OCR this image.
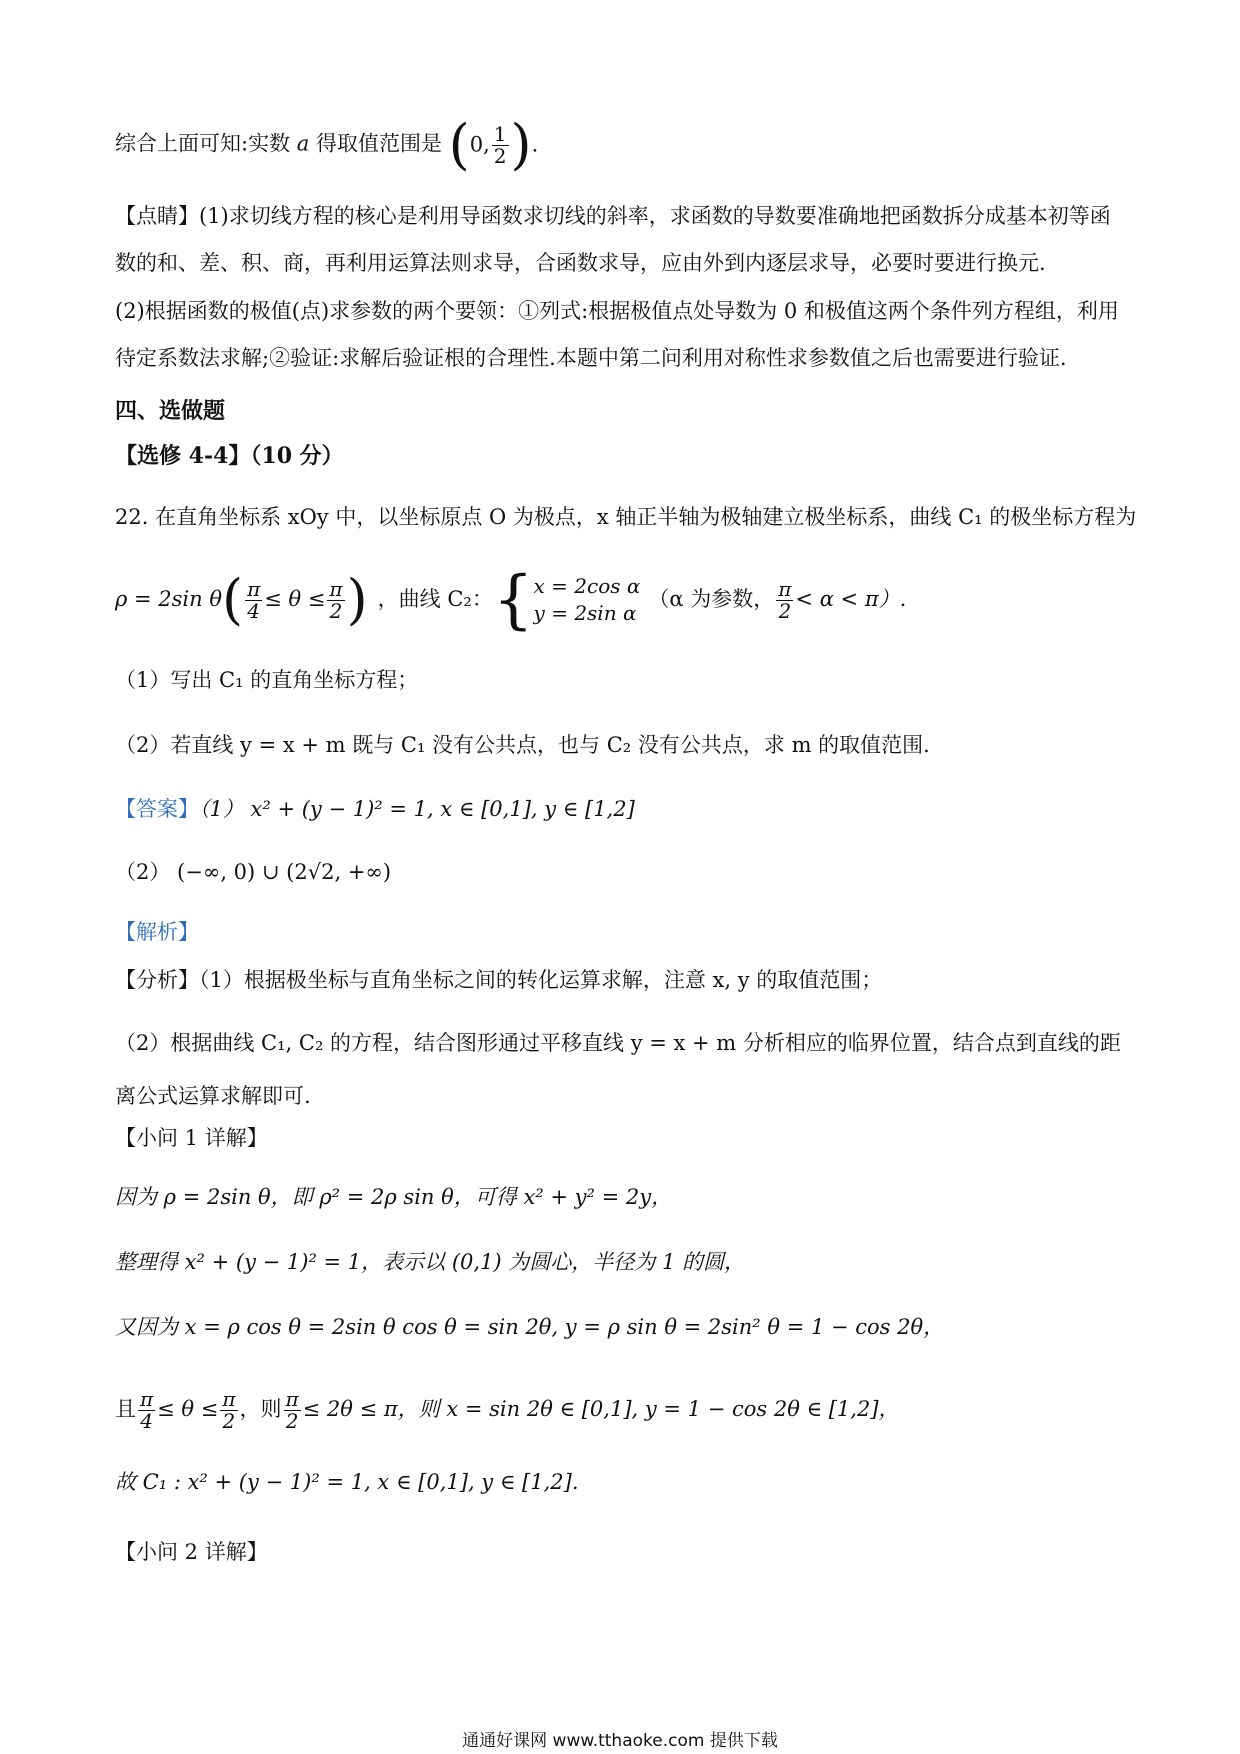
综合上面可知:实数 a 得取值范围是 (0, $\frac{1}{2}$ ).
【点睛】(1)求切线方程的核心是利用导函数求切线的斜率，求函数的导数要准确地把函数拆分成基本初等函数的和、差、积、商，再利用运算法则求导，合函数求导，应由外到内逐层求导，必要时要进行换元.
(2)根据函数的极值(点)求参数的两个要领：①列式:根据极值点处导数为 0 和极值这两个条件列方程组，利用待定系数法求解;②验证:求解后验证根的合理性.本题中第二问利用对称性求参数值之后也需要进行验证.
四、选做题
【选修 4-4】（10 分）
22. 在直角坐标系 xOy 中，以坐标原点 O 为极点，x 轴正半轴为极轴建立极坐标系，曲线 C₁ 的极坐标方程为
ρ = 2sin θ ( $\frac{\pi}{4} \le \theta \le \frac{\pi}{2}$ ) ，曲线 C₂： { x = 2cos α
y = 2sin α
（α 为参数， $\frac{\pi}{2} < \alpha < \pi$）.
（1）写出 C₁ 的直角坐标方程；
（2）若直线 y = x + m 既与 C₁ 没有公共点，也与 C₂ 没有公共点，求 m 的取值范围.
【答案】（1） x² + (y − 1)² = 1, x ∈ [0,1], y ∈ [1,2]
（2） (−∞, 0) ∪ (2√2, +∞)
【解析】
【分析】（1）根据极坐标与直角坐标之间的转化运算求解，注意 x, y 的取值范围；
（2）根据曲线 C₁, C₂ 的方程，结合图形通过平移直线 y = x + m 分析相应的临界位置，结合点到直线的距离公式运算求解即可.
【小问 1 详解】
因为 ρ = 2sin θ，即 ρ² = 2ρ sin θ，可得 x² + y² = 2y，
整理得 x² + (y − 1)² = 1，表示以 (0,1) 为圆心，半径为 1 的圆，
又因为 x = ρ cos θ = 2sin θ cos θ = sin 2θ, y = ρ sin θ = 2sin² θ = 1 − cos 2θ，
且 $\frac{\pi}{4} \le \theta \le \frac{\pi}{2}$ ，则 $\frac{\pi}{2} \le 2\theta \le \pi$，则 x = sin 2θ ∈ [0,1], y = 1 − cos 2θ ∈ [1,2]，
故 C₁ : x² + (y − 1)² = 1, x ∈ [0,1], y ∈ [1,2].
【小问 2 详解】
通通好课网 www.tthaoke.com 提供下载
